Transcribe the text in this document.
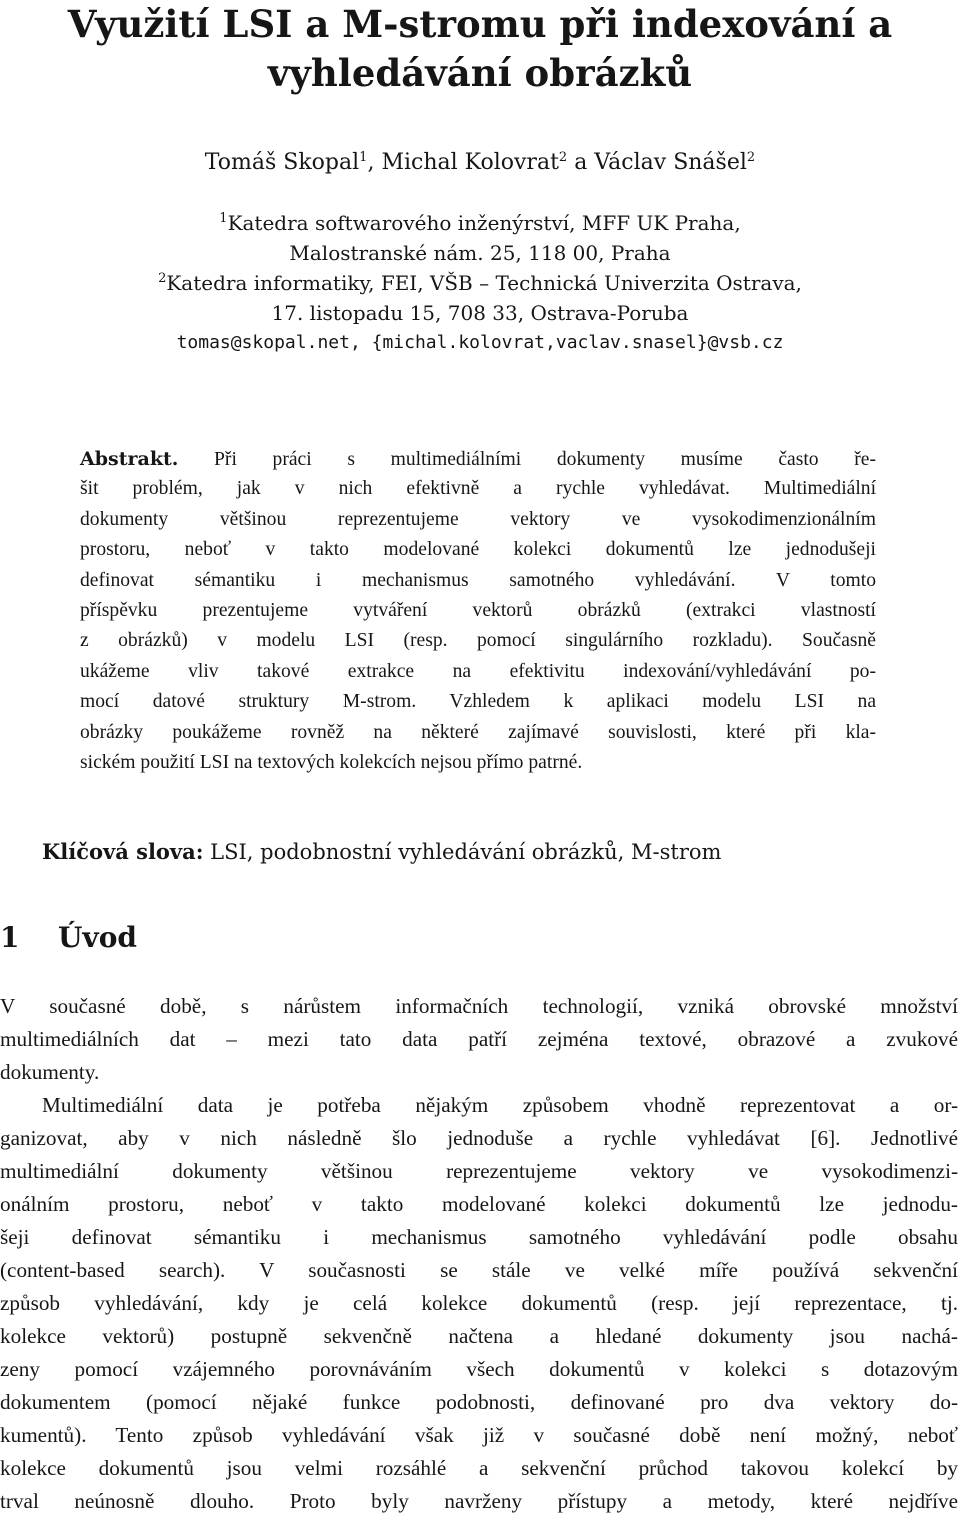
Využití LSI a M-stromu při indexování a
vyhledávání obrázků
Tomáš Skopal$^1$, Michal Kolovrat$^2$ a Václav Snášel$^2$
$^1$Katedra softwarového inženýrství, MFF UK Praha,
Malostranské nám. 25, 118 00, Praha
$^2$Katedra informatiky, FEI, VŠB – Technická Univerzita Ostrava,
17. listopadu 15, 708 33, Ostrava-Poruba
tomas@skopal.net, {michal.kolovrat,vaclav.snasel}@vsb.cz
Abstrakt. Při práci s multimediálními dokumenty musíme často ře-
šit problém, jak v nich efektivně a rychle vyhledávat. Multimediální
dokumenty většinou reprezentujeme vektory ve vysokodimenzionálním
prostoru, neboť v takto modelované kolekci dokumentů lze jednodušeji
definovat sémantiku i mechanismus samotného vyhledávání. V tomto
příspěvku prezentujeme vytváření vektorů obrázků (extrakci vlastností
z obrázků) v modelu LSI (resp. pomocí singulárního rozkladu). Současně
ukážeme vliv takové extrakce na efektivitu indexování/vyhledávání po-
mocí datové struktury M-strom. Vzhledem k aplikaci modelu LSI na
obrázky poukážeme rovněž na některé zajímavé souvislosti, které při kla-
sickém použití LSI na textových kolekcích nejsou přímo patrné.
Klíčová slova: LSI, podobnostní vyhledávání obrázků, M-strom
1 Úvod
V současné době, s nárůstem informačních technologií, vzniká obrovské množství
multimediálních dat – mezi tato data patří zejména textové, obrazové a zvukové
dokumenty.
Multimediální data je potřeba nějakým způsobem vhodně reprezentovat a or-
ganizovat, aby v nich následně šlo jednoduše a rychle vyhledávat [6]. Jednotlivé
multimediální dokumenty většinou reprezentujeme vektory ve vysokodimenzi-
onálním prostoru, neboť v takto modelované kolekci dokumentů lze jednodu-
šeji definovat sémantiku i mechanismus samotného vyhledávání podle obsahu
(content-based search). V současnosti se stále ve velké míře používá sekvenční
způsob vyhledávání, kdy je celá kolekce dokumentů (resp. její reprezentace, tj.
kolekce vektorů) postupně sekvenčně načtena a hledané dokumenty jsou nachá-
zeny pomocí vzájemného porovnáváním všech dokumentů v kolekci s dotazovým
dokumentem (pomocí nějaké funkce podobnosti, definované pro dva vektory do-
kumentů). Tento způsob vyhledávání však již v současné době není možný, neboť
kolekce dokumentů jsou velmi rozsáhlé a sekvenční průchod takovou kolekcí by
trval neúnosně dlouho. Proto byly navrženy přístupy a metody, které nejdříve
